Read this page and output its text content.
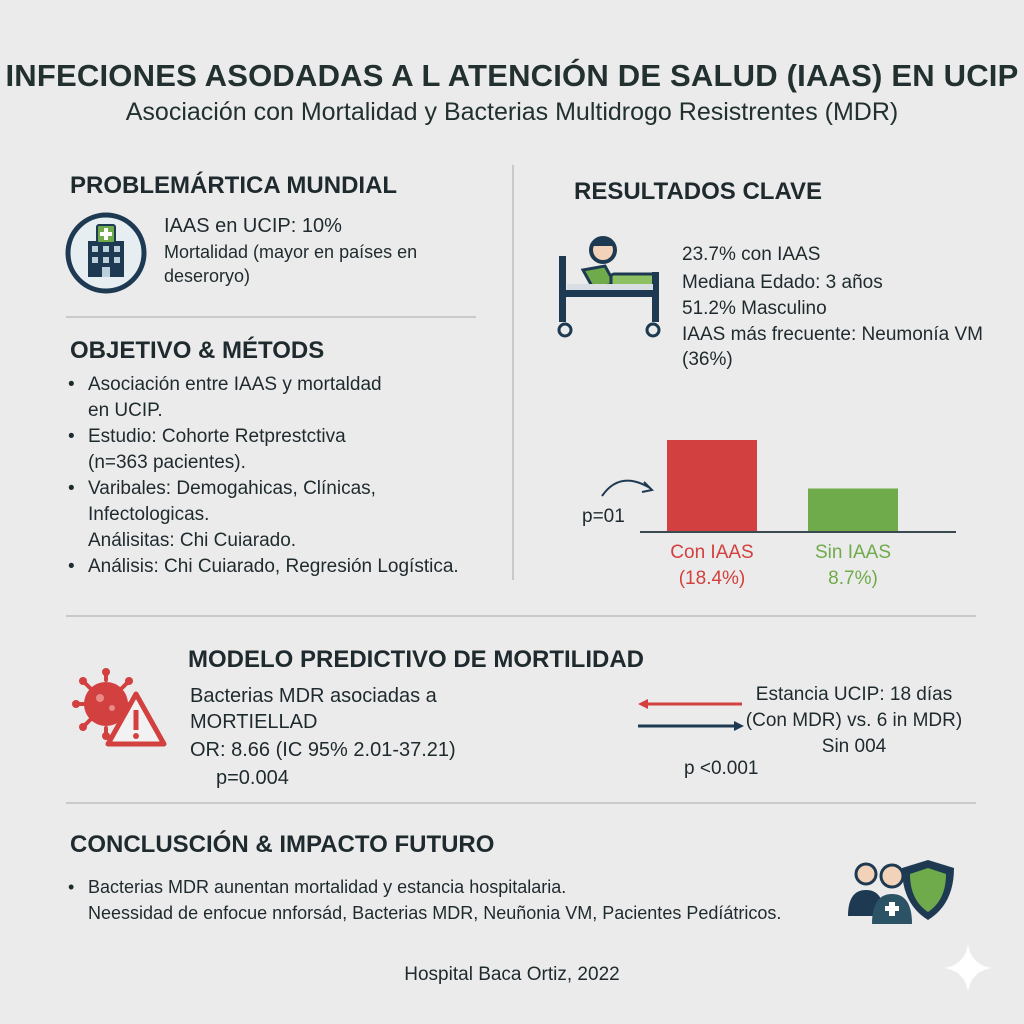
INFECIONES ASODADAS A L ATENCIÓN DE SALUD (IAAS) EN UCIP
Asociación con Mortalidad y Bacterias Multidrogo Resistrentes (MDR)
PROBLEMÁRTICA MUNDIAL
IAAS en UCIP: 10%
Mortalidad (mayor en países en
deseroryo)
OBJETIVO & MÉTODS
• Asociación entre IAAS y mortaldad
en UCIP.
• Estudio: Cohorte Retprestctiva
(n=363 pacientes).
• Varibales: Demogahicas, Clínicas, Infectologicas.
Análisitas: Chi Cuiarado.
• Análisis: Chi Cuiarado, Regresión Logística.
RESULTADOS CLAVE
23.7% con IAAS
Mediana Edado: 3 años
51.2% Masculino
IAAS más frecuente: Neumonía VM (36%)
p=01
Con IAAS
(18.4%)
Sin IAAS
8.7%)
MODELO PREDICTIVO DE MORTILIDAD
Bacterias MDR asociadas a
MORTIELLAD
OR: 8.66 (IC 95% 2.01-37.21)
p=0.004
Estancia UCIP: 18 días
(Con MDR) vs. 6 in MDR)
Sin 004
p <0.001
CONCLUSCIÓN & IMPACTO FUTURO
• Bacterias MDR aunentan mortalidad y estancia hospitalaria.
Neessidad de enfocue nnforsád, Bacterias MDR, Neuñonia VM, Pacientes Pedíátricos.
Hospital Baca Ortiz, 2022
